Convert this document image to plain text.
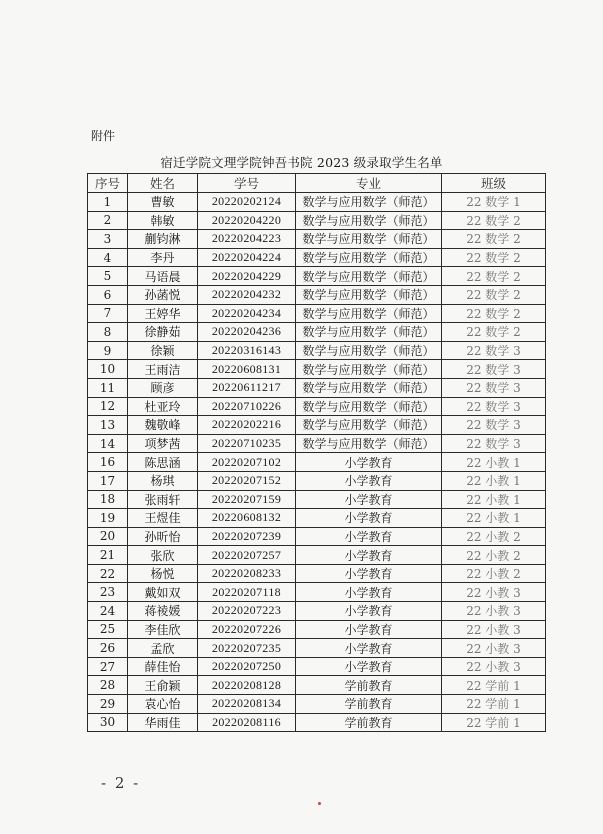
附件
宿迁学院文理学院钟吾书院 2023 级录取学生名单
序号	姓名	学号	专业	班级
1	曹敏	20220202124	数学与应用数学（师范）	22 数学 1
2	韩敏	20220204220	数学与应用数学（师范）	22 数学 2
3	蒯钧淋	20220204223	数学与应用数学（师范）	22 数学 2
4	李丹	20220204224	数学与应用数学（师范）	22 数学 2
5	马语晨	20220204229	数学与应用数学（师范）	22 数学 2
6	孙菡悦	20220204232	数学与应用数学（师范）	22 数学 2
7	王婷华	20220204234	数学与应用数学（师范）	22 数学 2
8	徐静茹	20220204236	数学与应用数学（师范）	22 数学 2
9	徐颖	20220316143	数学与应用数学（师范）	22 数学 3
10	王雨洁	20220608131	数学与应用数学（师范）	22 数学 3
11	顾彦	20220611217	数学与应用数学（师范）	22 数学 3
12	杜亚玲	20220710226	数学与应用数学（师范）	22 数学 3
13	魏敬峰	20220202216	数学与应用数学（师范）	22 数学 3
14	项梦茜	20220710235	数学与应用数学（师范）	22 数学 3
16	陈思涵	20220207102	小学教育	22 小教 1
17	杨琪	20220207152	小学教育	22 小教 1
18	张雨轩	20220207159	小学教育	22 小教 1
19	王煜佳	20220608132	小学教育	22 小教 1
20	孙昕怡	20220207239	小学教育	22 小教 2
21	张欣	20220207257	小学教育	22 小教 2
22	杨悦	20220208233	小学教育	22 小教 2
23	戴如双	20220207118	小学教育	22 小教 3
24	蒋祾媛	20220207223	小学教育	22 小教 3
25	李佳欣	20220207226	小学教育	22 小教 3
26	孟欣	20220207235	小学教育	22 小教 3
27	薛佳怡	20220207250	小学教育	22 小教 3
28	王俞颖	20220208128	学前教育	22 学前 1
29	袁心怡	20220208134	学前教育	22 学前 1
30	华雨佳	20220208116	学前教育	22 学前 1
- 2 -
